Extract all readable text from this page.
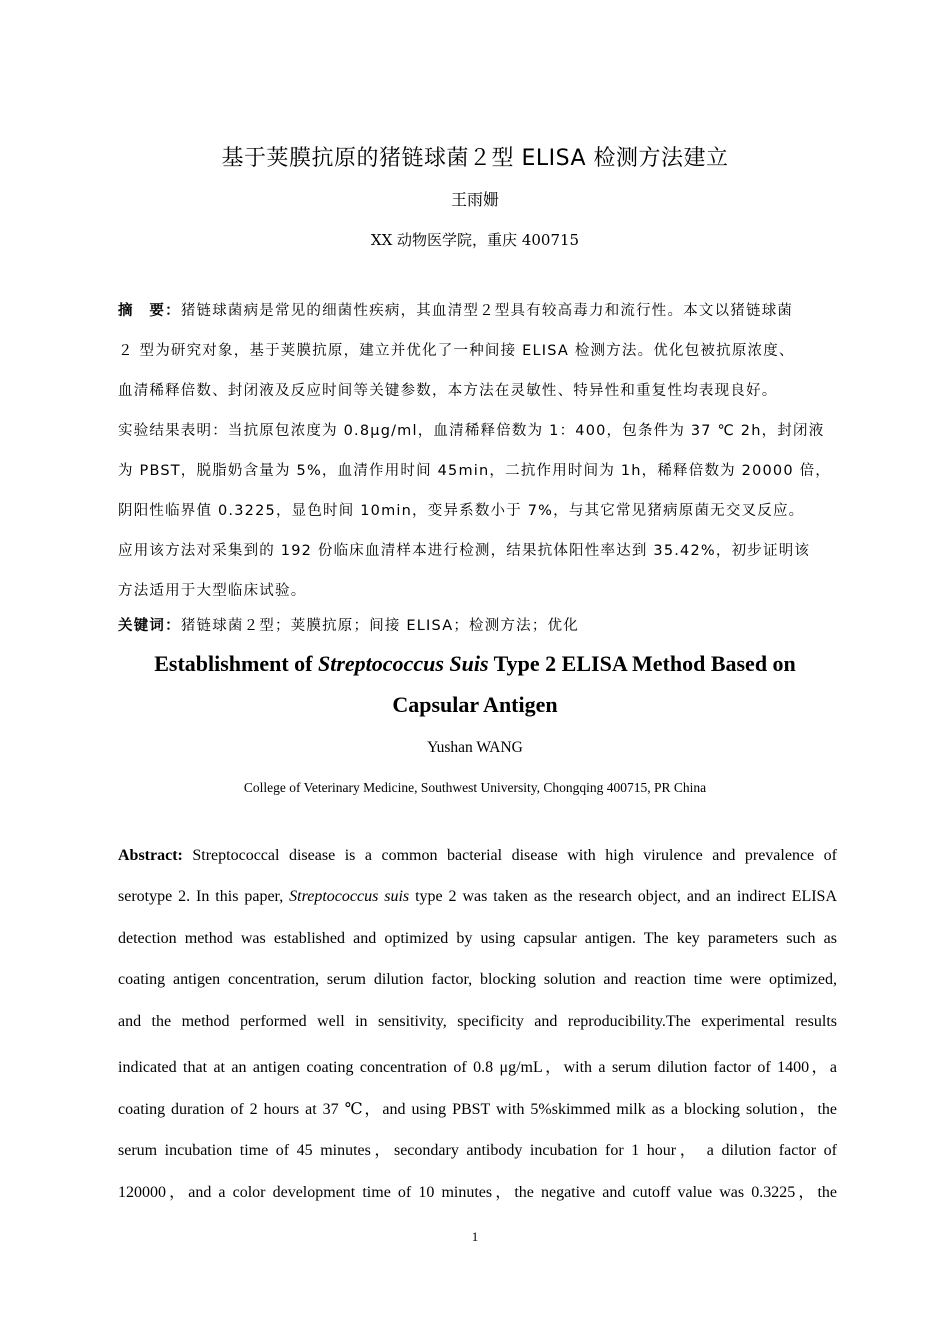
基于荚膜抗原的猪链球菌２型 ELISA 检测方法建立
王雨姗
XX 动物医学院，重庆 400715
摘　要：猪链球菌病是常见的细菌性疾病，其血清型２型具有较高毒力和流行性。本文以猪链球菌
２ 型为研究对象，基于荚膜抗原，建立并优化了一种间接 ELISA 检测方法。优化包被抗原浓度、
血清稀释倍数、封闭液及反应时间等关键参数，本方法在灵敏性、特异性和重复性均表现良好。
实验结果表明：当抗原包浓度为 0.8μg/ml，血清稀释倍数为 1：400，包条件为 37 ℃ 2h，封闭液
为 PBST，脱脂奶含量为 5%，血清作用时间 45min，二抗作用时间为 1h，稀释倍数为 20000 倍，
阴阳性临界值 0.3225，显色时间 10min，变异系数小于 7%，与其它常见猪病原菌无交叉反应。
应用该方法对采集到的 192 份临床血清样本进行检测，结果抗体阳性率达到 35.42%，初步证明该
方法适用于大型临床试验。
关键词：猪链球菌２型；荚膜抗原；间接 ELISA；检测方法；优化
Establishment of Streptococcus Suis Type 2 ELISA Method Based on
Capsular Antigen
Yushan WANG
College of Veterinary Medicine, Southwest University, Chongqing 400715, PR China
Abstract: Streptococcal disease is a common bacterial disease with high virulence and prevalence of
serotype 2. In this paper, Streptococcus suis type 2 was taken as the research object, and an indirect ELISA
detection method was established and optimized by using capsular antigen. The key parameters such as
coating antigen concentration, serum dilution factor, blocking solution and reaction time were optimized,
and the method performed well in sensitivity, specificity and reproducibility.The experimental results
indicated that at an antigen coating concentration of 0.8 μg/mL，with a serum dilution factor of 1400，a
coating duration of 2 hours at 37 ℃，and using PBST with 5%skimmed milk as a blocking solution，the
serum incubation time of 45 minutes，secondary antibody incubation for 1 hour， a dilution factor of
120000，and a color development time of 10 minutes，the negative and cutoff value was 0.3225，the
1
